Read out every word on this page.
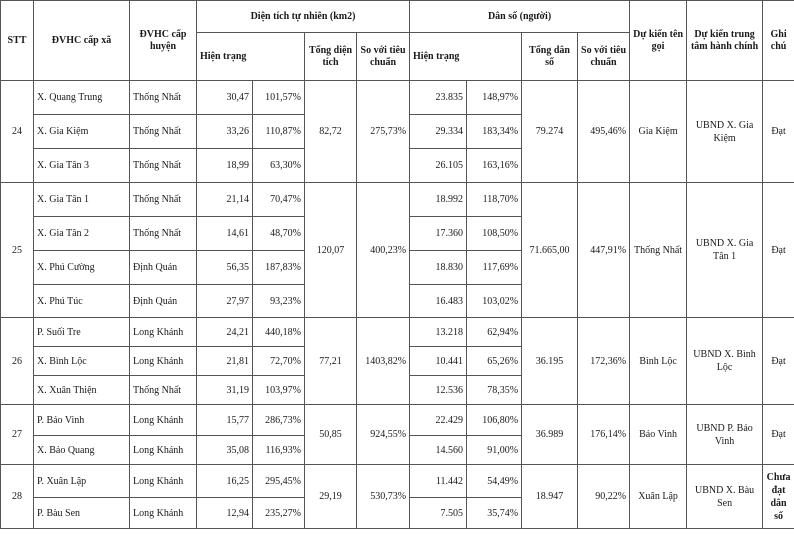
STT	ĐVHC cấp xã	ĐVHC cấp huyện	Diện tích tự nhiên (km2)				Dân số (người)				Dự kiến tên gọi	Dự kiến trung tâm hành chính	Ghi chú
			Hiện trạng		Tổng diện tích	So với tiêu chuẩn	Hiện trạng		Tổng dân số	So với tiêu chuẩn			
24	X. Quang Trung	Thống Nhất	30,47	101,57%	82,72	275,73%	23.835	148,97%	79.274	495,46%	Gia Kiệm	UBND X. Gia Kiệm	Đạt
	X. Gia Kiệm	Thống Nhất	33,26	110,87%			29.334	183,34%					
	X. Gia Tân 3	Thống Nhất	18,99	63,30%			26.105	163,16%					
25	X. Gia Tân 1	Thống Nhất	21,14	70,47%	120,07	400,23%	18.992	118,70%	71.665,00	447,91%	Thống Nhất	UBND X. Gia Tân 1	Đạt
	X. Gia Tân 2	Thống Nhất	14,61	48,70%			17.360	108,50%					
	X. Phú Cường	Định Quán	56,35	187,83%			18.830	117,69%					
	X. Phú Túc	Định Quán	27,97	93,23%			16.483	103,02%					
26	P. Suối Tre	Long Khánh	24,21	440,18%	77,21	1403,82%	13.218	62,94%	36.195	172,36%	Bình Lộc	UBND X. Bình Lộc	Đạt
	X. Bình Lộc	Long Khánh	21,81	72,70%			10.441	65,26%					
	X. Xuân Thiện	Thống Nhất	31,19	103,97%			12.536	78,35%					
27	P. Bảo Vinh	Long Khánh	15,77	286,73%	50,85	924,55%	22.429	106,80%	36.989	176,14%	Bảo Vinh	UBND P. Bảo Vinh	Đạt
	X. Bảo Quang	Long Khánh	35,08	116,93%			14.560	91,00%					
28	P. Xuân Lập	Long Khánh	16,25	295,45%	29,19	530,73%	11.442	54,49%	18.947	90,22%	Xuân Lập	UBND X. Bàu Sen	Chưa đạt dân số
	P. Bàu Sen	Long Khánh	12,94	235,27%			7.505	35,74%					
